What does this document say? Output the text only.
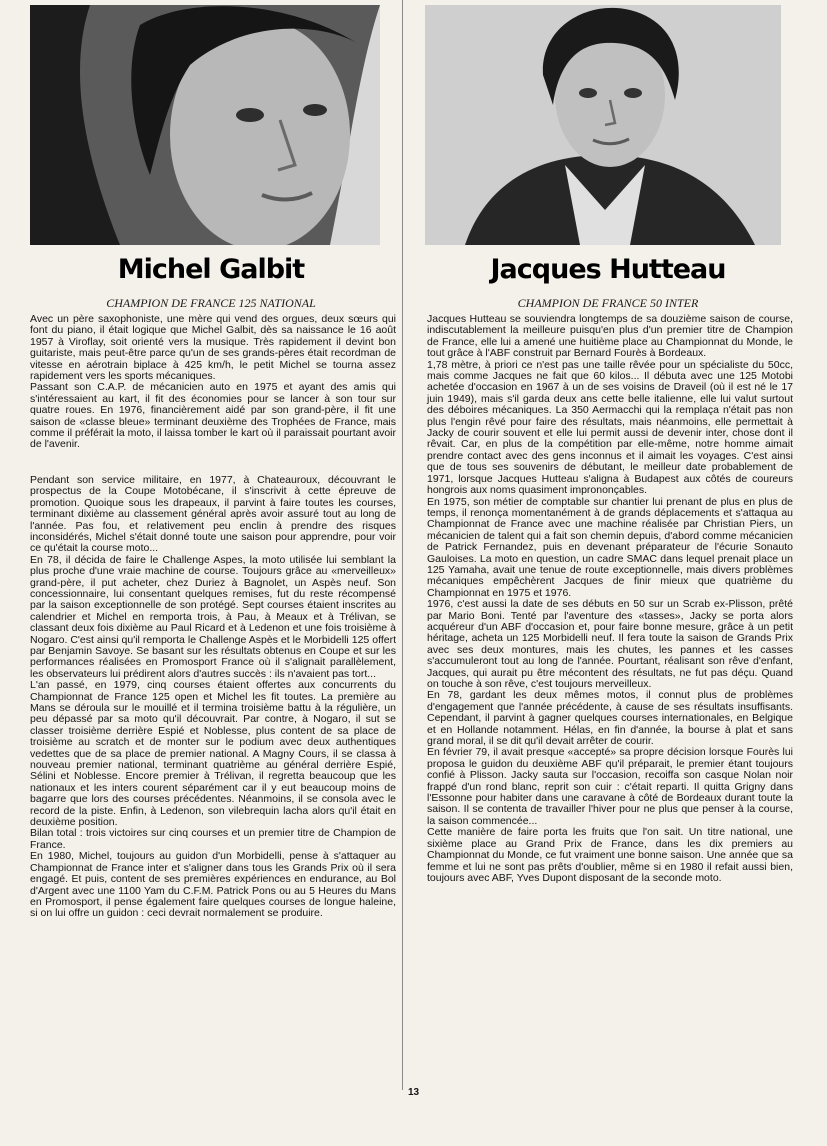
Michel Galbit
CHAMPION DE FRANCE 125 NATIONAL

Avec un père saxophoniste, une mère qui vend des orgues, deux sœurs qui font du piano, il était logique que Michel Galbit, dès sa naissance le 16 août 1957 à Viroflay, soit orienté vers la musique. Très rapidement il devint bon guitariste, mais peut-être parce qu'un de ses grands-pères était recordman de vitesse en aérotrain biplace à 425 km/h, le petit Michel se tourna assez rapidement vers les sports mécaniques.

Passant son C.A.P. de mécanicien auto en 1975 et ayant des amis qui s'intéressaient au kart, il fit des économies pour se lancer à son tour sur quatre roues. En 1976, financièrement aidé par son grand-père, il fit une saison de «classe bleue» terminant deuxième des Trophées de France, mais comme il préférait la moto, il laissa tomber le kart où il paraissait pourtant avoir de l'avenir.

Pendant son service militaire, en 1977, à Chateauroux, découvrant le prospectus de la Coupe Motobécane, il s'inscrivit à cette épreuve de promotion. Quoique sous les drapeaux, il parvint à faire toutes les courses, terminant dixième au classement général après avoir assuré tout au long de l'année. Pas fou, et relativement peu enclin à prendre des risques inconsidérés, Michel s'était donné toute une saison pour apprendre, pour voir ce qu'était la course moto...

En 78, il décida de faire le Challenge Aspes, la moto utilisée lui semblant la plus proche d'une vraie machine de course. Toujours grâce au «merveilleux» grand-père, il put acheter, chez Duriez à Bagnolet, un Aspès neuf. Son concessionnaire, lui consentant quelques remises, fut du reste récompensé par la saison exceptionnelle de son protégé. Sept courses étaient inscrites au calendrier et Michel en remporta trois, à Pau, à Meaux et à Trélivan, se classant deux fois dixième au Paul Ricard et à Ledenon et une fois troisième à Nogaro. C'est ainsi qu'il remporta le Challenge Aspès et le Morbidelli 125 offert par Benjamin Savoye. Se basant sur les résultats obtenus en Coupe et sur les performances réalisées en Promosport France où il s'alignait parallèlement, les observateurs lui prédirent alors d'autres succès : ils n'avaient pas tort...

L'an passé, en 1979, cinq courses étaient offertes aux concurrents du Championnat de France 125 open et Michel les fit toutes. La première au Mans se déroula sur le mouillé et il termina troisième battu à la régulière, un peu dépassé par sa moto qu'il découvrait. Par contre, à Nogaro, il sut se classer troisième derrière Espié et Noblesse, plus content de sa place de troisième au scratch et de monter sur le podium avec deux authentiques vedettes que de sa place de premier national. A Magny Cours, il se classa à nouveau premier national, terminant quatrième au général derrière Espié, Sélini et Noblesse. Encore premier à Trélivan, il regretta beaucoup que les nationaux et les inters courent séparément car il y eut beaucoup moins de bagarre que lors des courses précédentes. Néanmoins, il se consola avec le record de la piste. Enfin, à Ledenon, son vilebrequin lacha alors qu'il était en deuxième position.

Bilan total : trois victoires sur cinq courses et un premier titre de Champion de France.

En 1980, Michel, toujours au guidon d'un Morbidelli, pense à s'attaquer au Championnat de France inter et s'aligner dans tous les Grands Prix où il sera engagé. Et puis, content de ses premières expériences en endurance, au Bol d'Argent avec une 1100 Yam du C.F.M. Patrick Pons ou au 5 Heures du Mans en Promosport, il pense également faire quelques courses de longue haleine, si on lui offre un guidon : ceci devrait normalement se produire.

Jacques Hutteau
CHAMPION DE FRANCE 50 INTER

Jacques Hutteau se souviendra longtemps de sa douzième saison de course, indiscutablement la meilleure puisqu'en plus d'un premier titre de Champion de France, elle lui a amené une huitième place au Championnat du Monde, le tout grâce à l'ABF construit par Bernard Fourès à Bordeaux.

1,78 mètre, à priori ce n'est pas une taille rêvée pour un spécialiste du 50cc, mais comme Jacques ne fait que 60 kilos... Il débuta avec une 125 Motobi achetée d'occasion en 1967 à un de ses voisins de Draveil (où il est né le 17 juin 1949), mais s'il garda deux ans cette belle italienne, elle lui valut surtout des déboires mécaniques. La 350 Aermacchi qui la remplaça n'était pas non plus l'engin rêvé pour faire des résultats, mais néanmoins, elle permettait à Jacky de courir souvent et elle lui permit aussi de devenir inter, chose dont il rêvait. Car, en plus de la compétition par elle-même, notre homme aimait prendre contact avec des gens inconnus et il aimait les voyages. C'est ainsi que de tous ses souvenirs de débutant, le meilleur date probablement de 1971, lorsque Jacques Hutteau s'aligna à Budapest aux côtés de coureurs hongrois aux noms quasiment imprononçables.

En 1975, son métier de comptable sur chantier lui prenant de plus en plus de temps, il renonça momentanément à de grands déplacements et s'attaqua au Championnat de France avec une machine réalisée par Christian Piers, un mécanicien de talent qui a fait son chemin depuis, d'abord comme mécanicien de Patrick Fernandez, puis en devenant préparateur de l'écurie Sonauto Gauloises. La moto en question, un cadre SMAC dans lequel prenait place un 125 Yamaha, avait une tenue de route exceptionnelle, mais divers problèmes mécaniques empêchèrent Jacques de finir mieux que quatrième du Championnat en 1975 et 1976.

1976, c'est aussi la date de ses débuts en 50 sur un Scrab ex-Plisson, prêté par Mario Boni. Tenté par l'aventure des «tasses», Jacky se porta alors acquéreur d'un ABF d'occasion et, pour faire bonne mesure, grâce à un petit héritage, acheta un 125 Morbidelli neuf. Il fera toute la saison de Grands Prix avec ses deux montures, mais les chutes, les pannes et les casses s'accumuleront tout au long de l'année. Pourtant, réalisant son rêve d'enfant, Jacques, qui aurait pu être mécontent des résultats, ne fut pas déçu. Quand on touche à son rêve, c'est toujours merveilleux.

En 78, gardant les deux mêmes motos, il connut plus de problèmes d'engagement que l'année précédente, à cause de ses résultats insuffisants. Cependant, il parvint à gagner quelques courses internationales, en Belgique et en Hollande notamment. Hélas, en fin d'année, la bourse à plat et sans grand moral, il se dit qu'il devait arrêter de courir.

En février 79, il avait presque «accepté» sa propre décision lorsque Fourès lui proposa le guidon du deuxième ABF qu'il préparait, le premier étant toujours confié à Plisson. Jacky sauta sur l'occasion, recoiffa son casque Nolan noir frappé d'un rond blanc, reprit son cuir : c'était reparti. Il quitta Grigny dans l'Essonne pour habiter dans une caravane à côté de Bordeaux durant toute la saison. Il se contenta de travailler l'hiver pour ne plus que penser à la course, la saison commencée...

Cette manière de faire porta les fruits que l'on sait. Un titre national, une sixième place au Grand Prix de France, dans les dix premiers au Championnat du Monde, ce fut vraiment une bonne saison. Une année que sa femme et lui ne sont pas prêts d'oublier, même si en 1980 il refait aussi bien, toujours avec ABF, Yves Dupont disposant de la seconde moto.

13
